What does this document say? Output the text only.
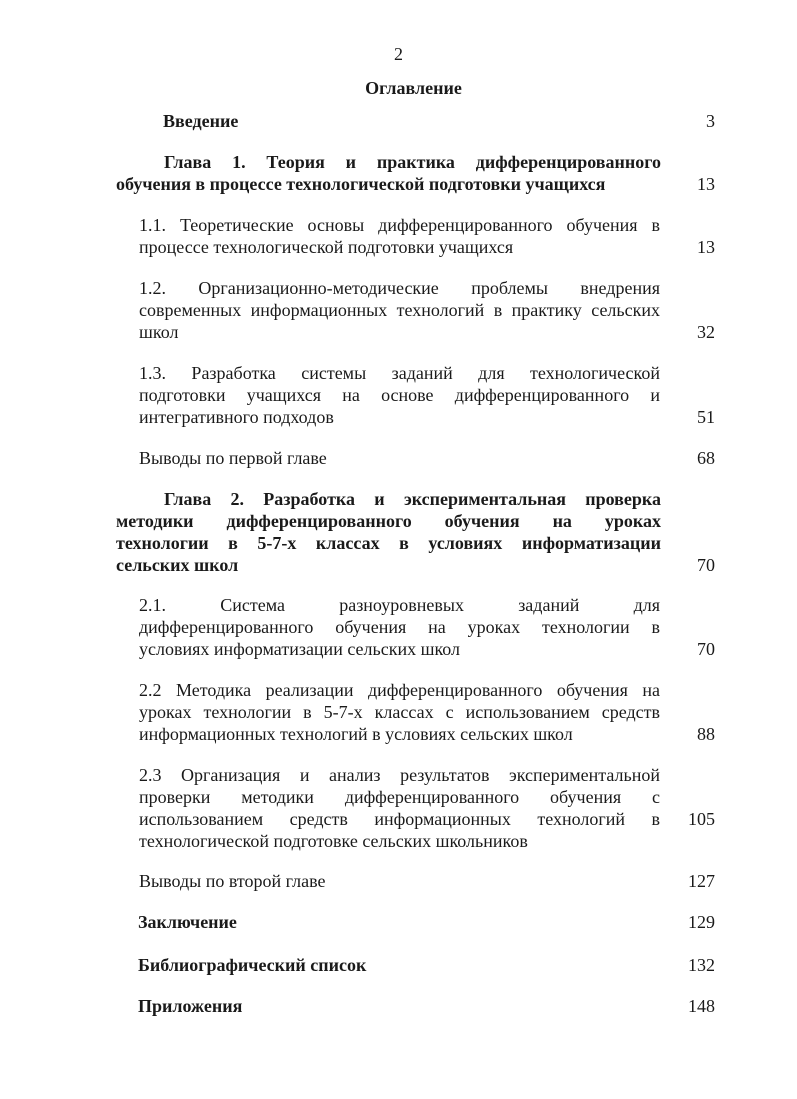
2
Оглавление
Введение	3
Глава 1. Теория и практика дифференцированного
обучения в процессе технологической подготовки учащихся	13
1.1. Теоретические основы дифференцированного обучения в
процессе технологической подготовки учащихся	13
1.2. Организационно-методические проблемы внедрения
современных информационных технологий в практику сельских
школ	32
1.3. Разработка системы заданий для технологической
подготовки учащихся на основе дифференцированного и
интегративного подходов	51
Выводы по первой главе	68
Глава 2. Разработка и экспериментальная проверка
методики дифференцированного обучения на уроках
технологии в 5-7-х классах в условиях информатизации
сельских школ	70
2.1. Система разноуровневых заданий для
дифференцированного обучения на уроках технологии в
условиях информатизации сельских школ	70
2.2 Методика реализации дифференцированного обучения на
уроках технологии в 5-7-х классах с использованием средств
информационных технологий в условиях сельских школ	88
2.3 Организация и анализ результатов экспериментальной
проверки методики дифференцированного обучения с
использованием средств информационных технологий в
технологической подготовке сельских школьников
105
Выводы по второй главе	127
Заключение	129
Библиографический список	132
Приложения	148
